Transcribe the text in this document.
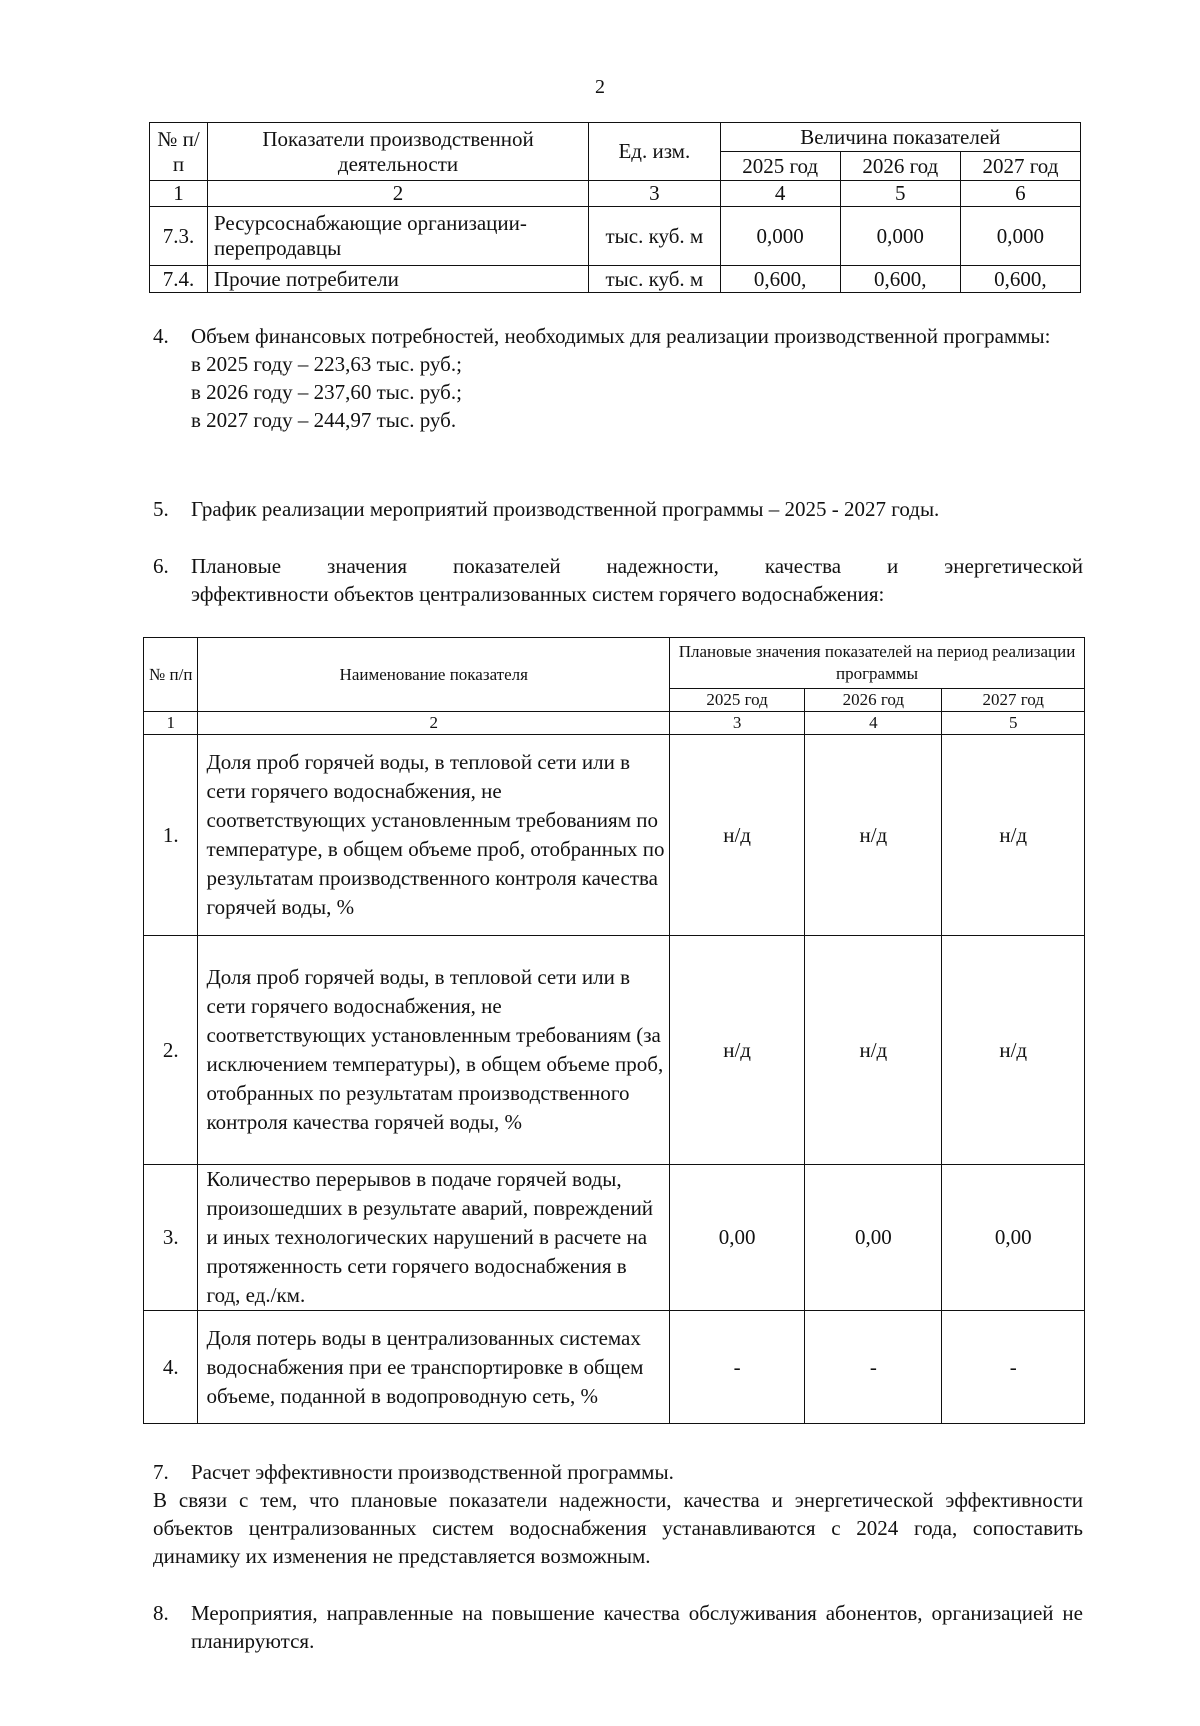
2
№ п/п	Показатели производственной деятельности	Ед. изм.	Величина показателей		
			2025 год	2026 год	2027 год
1	2	3	4	5	6
7.3.	Ресурсоснабжающие организации-перепродавцы	тыс. куб. м	0,000	0,000	0,000
7.4.	Прочие потребители	тыс. куб. м	0,600,	0,600,	0,600,
4. Объем финансовых потребностей, необходимых для реализации производственной программы:

в 2025 году – 223,63 тыс. руб.;

в 2026 году – 237,60 тыс. руб.;

в 2027 году – 244,97 тыс. руб.

5. График реализации мероприятий производственной программы – 2025 - 2027 годы.

6. Плановые значения показателей надежности, качества и энергетической

эффективности объектов централизованных систем горячего водоснабжения:

№ п/п	Наименование показателя	Плановые значения показателей на период реализации программы		
		2025 год	2026 год	2027 год
1	2	3	4	5
1.	Доля проб горячей воды, в тепловой сети или в сети горячего водоснабжения, не соответствующих установленным требованиям по температуре, в общем объеме проб, отобранных по результатам производственного контроля качества горячей воды, %	н/д	н/д	н/д
2.	Доля проб горячей воды, в тепловой сети или в сети горячего водоснабжения, не соответствующих установленным требованиям (за исключением температуры), в общем объеме проб, отобранных по результатам производственного контроля качества горячей воды, %	н/д	н/д	н/д
3.	Количество перерывов в подаче горячей воды, произошедших в результате аварий, повреждений и иных технологических нарушений в расчете на протяженность сети горячего водоснабжения в год, ед./км.	0,00	0,00	0,00
4.	Доля потерь воды в централизованных системах водоснабжения при ее транспортировке в общем объеме, поданной в водопроводную сеть, %	-	-	-

7. Расчет эффективности производственной программы.

В связи с тем, что плановые показатели надежности, качества и энергетической эффективности объектов централизованных систем водоснабжения устанавливаются с 2024 года, сопоставить динамику их изменения не представляется возможным.

8. Мероприятия, направленные на повышение качества обслуживания абонентов, организацией не планируются.
